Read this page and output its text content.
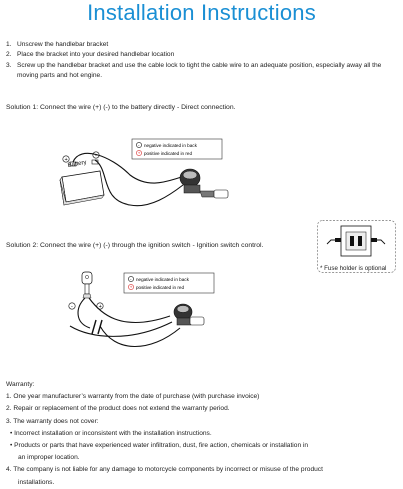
Installation Instructions
1. Unscrew the handlebar bracket
2. Place the bracket into your desired handlebar location
3. Screw up the handlebar bracket and use the cable lock to tight the cable wire to an adequate position, especially away all the moving parts and hot engine.
Solution 1: Connect the wire (+) (-) to the battery directly - Direct connection.
-
+
negative indicated in back
positive indicated in red
Battery
+
-
Solution 2: Connect the wire (+) (-) through the ignition switch - Ignition switch control.
* Fuse holder is optional
-
+
negative indicated in back
positive indicated in red
-	+
Warranty:
1. One year manufacturer’s warranty from the date of purchase (with purchase invoice)
2. Repair or replacement of the product does not extend the warranty period.
3. The warranty does not cover:
• Incorrect installation or inconsistent with the installation instructions.
• Products or parts that have experienced water infiltration, dust, fire action, chemicals or installation in
an improper location.
4. The company is not liable for any damage to motorcycle components by incorrect or misuse of the product
installations.
